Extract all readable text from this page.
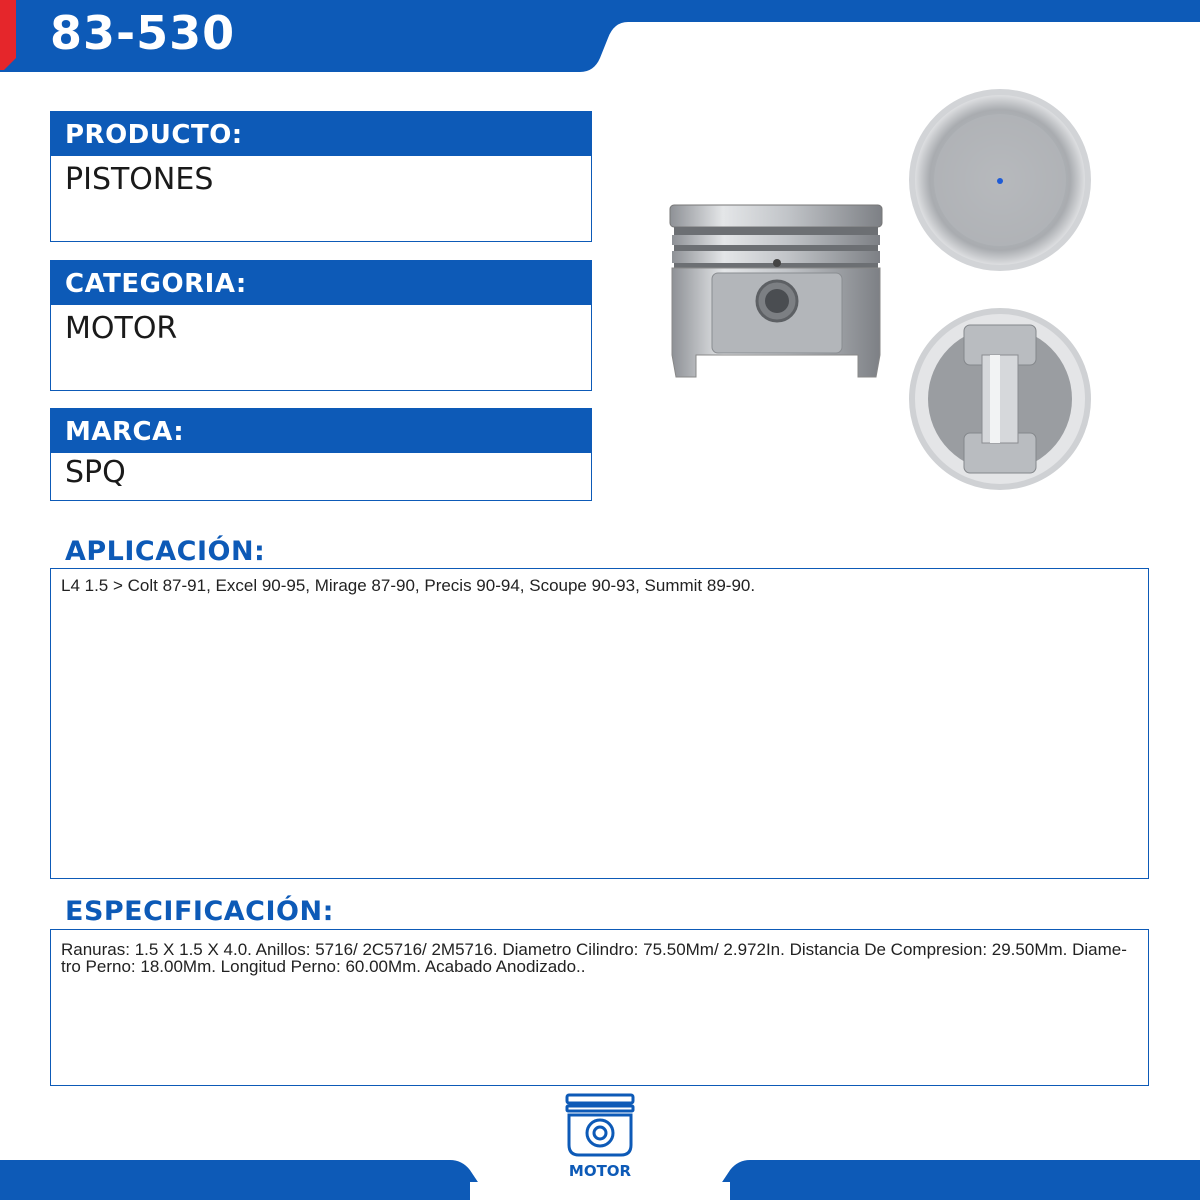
83-530
PRODUCTO:
PISTONES
CATEGORIA:
MOTOR
MARCA:
SPQ
APLICACIÓN:
L4 1.5 > Colt 87-91, Excel 90-95, Mirage 87-90, Precis 90-94, Scoupe 90-93, Summit 89-90.
ESPECIFICACIÓN:
Ranuras: 1.5 X 1.5 X 4.0. Anillos: 5716/ 2C5716/ 2M5716. Diametro Cilindro: 75.50Mm/ 2.972In. Distancia De Compresion: 29.50Mm. Diame-
tro Perno: 18.00Mm. Longitud Perno: 60.00Mm. Acabado Anodizado..
MOTOR
